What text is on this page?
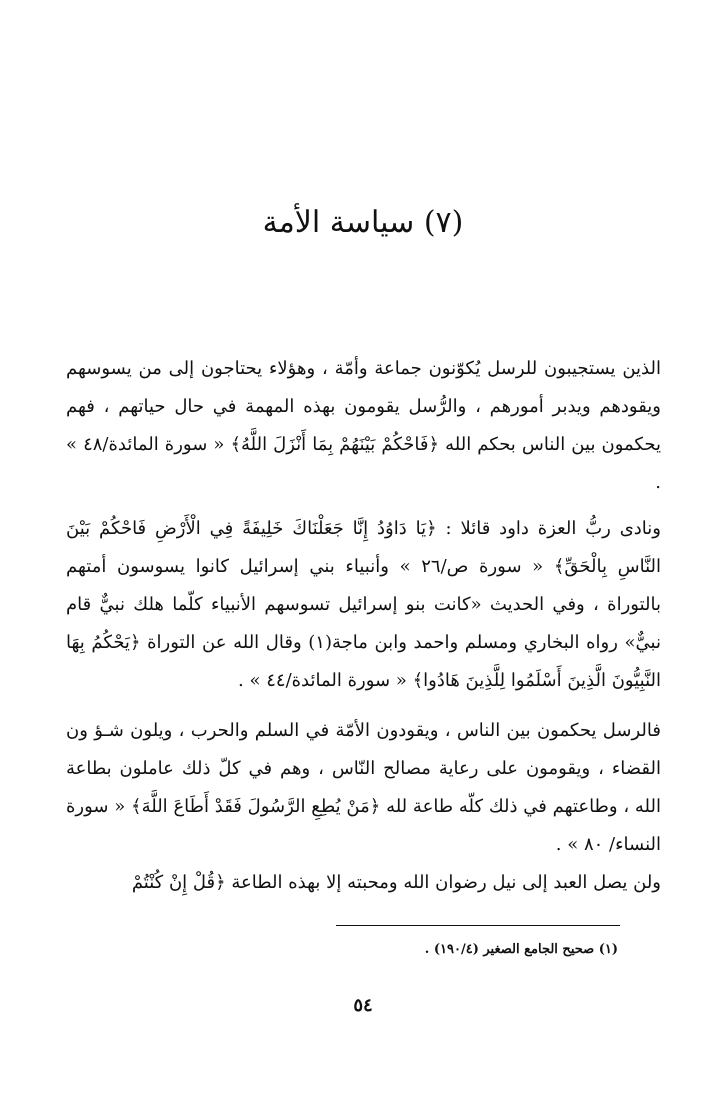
(٧) سياسة الأمة

الذين يستجيبون للرسل يُكوّنون جماعة وأمّة ، وهؤلاء يحتاجون إلى من يسوسهم ويقودهم ويدبر أمورهم ، والرُّسل يقومون بهذه المهمة في حال حياتهم ، فهم يحكمون بين الناس بحكم الله ﴿فَاحْكُمْ بَيْنَهُمْ بِمَا أَنْزَلَ اللَّهُ﴾ « سورة المائدة/٤٨ » .

ونادى ربُّ العزة داود قائلا : ﴿يَا دَاوُدُ إِنَّا جَعَلْنَاكَ خَلِيفَةً فِي الْأَرْضِ فَاحْكُمْ بَيْنَ النَّاسِ بِالْحَقِّ﴾ « سورة ص/٢٦ » وأنبياء بني إسرائيل كانوا يسوسون أمتهم بالتوراة ، وفي الحديث «كانت بنو إسرائيل تسوسهم الأنبياء كلّما هلك نبيٌّ قام نبيٌّ» رواه البخاري ومسلم واحمد وابن ماجة(١) وقال الله عن التوراة ﴿يَحْكُمُ بِهَا النَّبِيُّونَ الَّذِينَ أَسْلَمُوا لِلَّذِينَ هَادُوا﴾ « سورة المائدة/٤٤ » .

فالرسل يحكمون بين الناس ، ويقودون الأمّة في السلم والحرب ، ويلون شـؤ ون القضاء ، ويقومون على رعاية مصالح النّاس ، وهم في كلّ ذلك عاملون بطاعة الله ، وطاعتهم في ذلك كلّه طاعة لله ﴿مَنْ يُطِعِ الرَّسُولَ فَقَدْ أَطَاعَ اللَّهَ﴾ « سورة النساء/ ٨٠ » .

ولن يصل العبد إلى نيل رضوان الله ومحبته إلا بهذه الطاعة ﴿قُلْ إِنْ كُنْتُمْ

(١) صحيح الجامع الصغير (١٩٠/٤) .
٥٤
